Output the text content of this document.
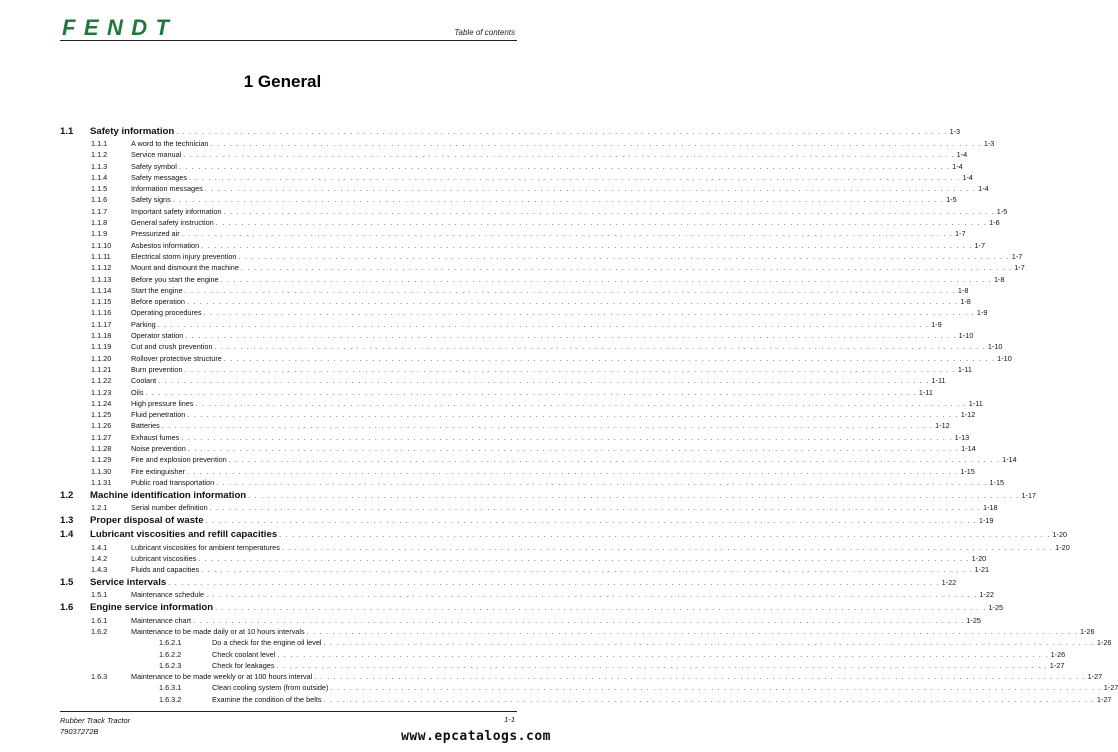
FENDT	Table of contents
1 General
1.1 Safety information . . . . . . . . . . . . . . . . . . . . . . . . . . . . . . . . . . . . . . . . . . . . . . . . . . . . . . . . . . . . . . . . . . . . . . . . . . . . . . . . . . . . . . . . . . . . . . . . . . . . . . . . . . . . . . . . . . . . . . . . 1-3
1.1.1	A word to the technician . . . . . . . . . . . . . . . . . . . . . . . . . . . . . . . . . . . . . . . . . . . . . . . . . . . . . . . . . . . . . . . . . . . . . . . . . . . . . . . . . . . . . . . . . . . . . . . . . . . . . . . . . . . . . . . . . . . . . . . . 1-3
1.1.2	Service manual . . . . . . . . . . . . . . . . . . . . . . . . . . . . . . . . . . . . . . . . . . . . . . . . . . . . . . . . . . . . . . . . . . . . . . . . . . . . . . . . . . . . . . . . . . . . . . . . . . . . . . . . . . . . . . . . . . . . . . . . 1-4
1.1.3	Safety symbol . . . . . . . . . . . . . . . . . . . . . . . . . . . . . . . . . . . . . . . . . . . . . . . . . . . . . . . . . . . . . . . . . . . . . . . . . . . . . . . . . . . . . . . . . . . . . . . . . . . . . . . . . . . . . . . . . . . . . . . . 1-4
1.1.4	Safety messages . . . . . . . . . . . . . . . . . . . . . . . . . . . . . . . . . . . . . . . . . . . . . . . . . . . . . . . . . . . . . . . . . . . . . . . . . . . . . . . . . . . . . . . . . . . . . . . . . . . . . . . . . . . . . . . . . . . . . . . . 1-4
1.1.5	Information messages . . . . . . . . . . . . . . . . . . . . . . . . . . . . . . . . . . . . . . . . . . . . . . . . . . . . . . . . . . . . . . . . . . . . . . . . . . . . . . . . . . . . . . . . . . . . . . . . . . . . . . . . . . . . . . . . . . . . . . . . 1-4
1.1.6	Safety signs . . . . . . . . . . . . . . . . . . . . . . . . . . . . . . . . . . . . . . . . . . . . . . . . . . . . . . . . . . . . . . . . . . . . . . . . . . . . . . . . . . . . . . . . . . . . . . . . . . . . . . . . . . . . . . . . . . . . . . . . 1-5
1.1.7	Important safety information . . . . . . . . . . . . . . . . . . . . . . . . . . . . . . . . . . . . . . . . . . . . . . . . . . . . . . . . . . . . . . . . . . . . . . . . . . . . . . . . . . . . . . . . . . . . . . . . . . . . . . . . . . . . . . . . . . . . . . . . 1-5
1.1.8	General safety instruction . . . . . . . . . . . . . . . . . . . . . . . . . . . . . . . . . . . . . . . . . . . . . . . . . . . . . . . . . . . . . . . . . . . . . . . . . . . . . . . . . . . . . . . . . . . . . . . . . . . . . . . . . . . . . . . . . . . . . . . . 1-6
1.1.9	Pressurized air . . . . . . . . . . . . . . . . . . . . . . . . . . . . . . . . . . . . . . . . . . . . . . . . . . . . . . . . . . . . . . . . . . . . . . . . . . . . . . . . . . . . . . . . . . . . . . . . . . . . . . . . . . . . . . . . . . . . . . . . 1-7
1.1.10	Asbestos information . . . . . . . . . . . . . . . . . . . . . . . . . . . . . . . . . . . . . . . . . . . . . . . . . . . . . . . . . . . . . . . . . . . . . . . . . . . . . . . . . . . . . . . . . . . . . . . . . . . . . . . . . . . . . . . . . . . . . . . . 1-7
1.1.11	Electrical storm injury prevention . . . . . . . . . . . . . . . . . . . . . . . . . . . . . . . . . . . . . . . . . . . . . . . . . . . . . . . . . . . . . . . . . . . . . . . . . . . . . . . . . . . . . . . . . . . . . . . . . . . . . . . . . . . . . . . . . . . . . . . . 1-7
1.1.12	Mount and dismount the machine . . . . . . . . . . . . . . . . . . . . . . . . . . . . . . . . . . . . . . . . . . . . . . . . . . . . . . . . . . . . . . . . . . . . . . . . . . . . . . . . . . . . . . . . . . . . . . . . . . . . . . . . . . . . . . . . . . . . . . . . 1-7
1.1.13	Before you start the engine . . . . . . . . . . . . . . . . . . . . . . . . . . . . . . . . . . . . . . . . . . . . . . . . . . . . . . . . . . . . . . . . . . . . . . . . . . . . . . . . . . . . . . . . . . . . . . . . . . . . . . . . . . . . . . . . . . . . . . . . 1-8
1.1.14	Start the engine . . . . . . . . . . . . . . . . . . . . . . . . . . . . . . . . . . . . . . . . . . . . . . . . . . . . . . . . . . . . . . . . . . . . . . . . . . . . . . . . . . . . . . . . . . . . . . . . . . . . . . . . . . . . . . . . . . . . . . . . 1-8
1.1.15	Before operation . . . . . . . . . . . . . . . . . . . . . . . . . . . . . . . . . . . . . . . . . . . . . . . . . . . . . . . . . . . . . . . . . . . . . . . . . . . . . . . . . . . . . . . . . . . . . . . . . . . . . . . . . . . . . . . . . . . . . . . . 1-8
1.1.16	Operating procedures . . . . . . . . . . . . . . . . . . . . . . . . . . . . . . . . . . . . . . . . . . . . . . . . . . . . . . . . . . . . . . . . . . . . . . . . . . . . . . . . . . . . . . . . . . . . . . . . . . . . . . . . . . . . . . . . . . . . . . . . 1-9
1.1.17	Parking . . . . . . . . . . . . . . . . . . . . . . . . . . . . . . . . . . . . . . . . . . . . . . . . . . . . . . . . . . . . . . . . . . . . . . . . . . . . . . . . . . . . . . . . . . . . . . . . . . . . . . . . . . . . . . . . . . . . . . . . 1-9
1.1.18	Operator station . . . . . . . . . . . . . . . . . . . . . . . . . . . . . . . . . . . . . . . . . . . . . . . . . . . . . . . . . . . . . . . . . . . . . . . . . . . . . . . . . . . . . . . . . . . . . . . . . . . . . . . . . . . . . . . . . . . . . . . . 1-10
1.1.19	Cut and crush prevention . . . . . . . . . . . . . . . . . . . . . . . . . . . . . . . . . . . . . . . . . . . . . . . . . . . . . . . . . . . . . . . . . . . . . . . . . . . . . . . . . . . . . . . . . . . . . . . . . . . . . . . . . . . . . . . . . . . . . . . . 1-10
1.1.20	Rollover protective structure . . . . . . . . . . . . . . . . . . . . . . . . . . . . . . . . . . . . . . . . . . . . . . . . . . . . . . . . . . . . . . . . . . . . . . . . . . . . . . . . . . . . . . . . . . . . . . . . . . . . . . . . . . . . . . . . . . . . . . . . 1-10
1.1.21	Burn prevention . . . . . . . . . . . . . . . . . . . . . . . . . . . . . . . . . . . . . . . . . . . . . . . . . . . . . . . . . . . . . . . . . . . . . . . . . . . . . . . . . . . . . . . . . . . . . . . . . . . . . . . . . . . . . . . . . . . . . . . . 1-11
1.1.22	Coolant . . . . . . . . . . . . . . . . . . . . . . . . . . . . . . . . . . . . . . . . . . . . . . . . . . . . . . . . . . . . . . . . . . . . . . . . . . . . . . . . . . . . . . . . . . . . . . . . . . . . . . . . . . . . . . . . . . . . . . . . 1-11
1.1.23	Oils . . . . . . . . . . . . . . . . . . . . . . . . . . . . . . . . . . . . . . . . . . . . . . . . . . . . . . . . . . . . . . . . . . . . . . . . . . . . . . . . . . . . . . . . . . . . . . . . . . . . . . . . . . . . . . . . . . . . . . . . 1-11
1.1.24	High pressure lines . . . . . . . . . . . . . . . . . . . . . . . . . . . . . . . . . . . . . . . . . . . . . . . . . . . . . . . . . . . . . . . . . . . . . . . . . . . . . . . . . . . . . . . . . . . . . . . . . . . . . . . . . . . . . . . . . . . . . . . . 1-11
1.1.25	Fluid penetration . . . . . . . . . . . . . . . . . . . . . . . . . . . . . . . . . . . . . . . . . . . . . . . . . . . . . . . . . . . . . . . . . . . . . . . . . . . . . . . . . . . . . . . . . . . . . . . . . . . . . . . . . . . . . . . . . . . . . . . . 1-12
1.1.26	Batteries . . . . . . . . . . . . . . . . . . . . . . . . . . . . . . . . . . . . . . . . . . . . . . . . . . . . . . . . . . . . . . . . . . . . . . . . . . . . . . . . . . . . . . . . . . . . . . . . . . . . . . . . . . . . . . . . . . . . . . . . 1-12
1.1.27	Exhaust fumes . . . . . . . . . . . . . . . . . . . . . . . . . . . . . . . . . . . . . . . . . . . . . . . . . . . . . . . . . . . . . . . . . . . . . . . . . . . . . . . . . . . . . . . . . . . . . . . . . . . . . . . . . . . . . . . . . . . . . . . . 1-13
1.1.28	Noise prevention . . . . . . . . . . . . . . . . . . . . . . . . . . . . . . . . . . . . . . . . . . . . . . . . . . . . . . . . . . . . . . . . . . . . . . . . . . . . . . . . . . . . . . . . . . . . . . . . . . . . . . . . . . . . . . . . . . . . . . . . 1-14
1.1.29	Fire and explosion prevention . . . . . . . . . . . . . . . . . . . . . . . . . . . . . . . . . . . . . . . . . . . . . . . . . . . . . . . . . . . . . . . . . . . . . . . . . . . . . . . . . . . . . . . . . . . . . . . . . . . . . . . . . . . . . . . . . . . . . . . . 1-14
1.1.30	Fire extinguisher . . . . . . . . . . . . . . . . . . . . . . . . . . . . . . . . . . . . . . . . . . . . . . . . . . . . . . . . . . . . . . . . . . . . . . . . . . . . . . . . . . . . . . . . . . . . . . . . . . . . . . . . . . . . . . . . . . . . . . . . 1-15
1.1.31	Public road transportation . . . . . . . . . . . . . . . . . . . . . . . . . . . . . . . . . . . . . . . . . . . . . . . . . . . . . . . . . . . . . . . . . . . . . . . . . . . . . . . . . . . . . . . . . . . . . . . . . . . . . . . . . . . . . . . . . . . . . . . . 1-15
1.2 Machine identification information . . . . . . . . . . . . . . . . . . . . . . . . . . . . . . . . . . . . . . . . . . . . . . . . . . . . . . . . . . . . . . . . . . . . . . . . . . . . . . . . . . . . . . . . . . . . . . . . . . . . . . . . . . . . . . . . . . . . . . . . 1-17
1.2.1	Serial number definition . . . . . . . . . . . . . . . . . . . . . . . . . . . . . . . . . . . . . . . . . . . . . . . . . . . . . . . . . . . . . . . . . . . . . . . . . . . . . . . . . . . . . . . . . . . . . . . . . . . . . . . . . . . . . . . . . . . . . . . . 1-18
1.3 Proper disposal of waste . . . . . . . . . . . . . . . . . . . . . . . . . . . . . . . . . . . . . . . . . . . . . . . . . . . . . . . . . . . . . . . . . . . . . . . . . . . . . . . . . . . . . . . . . . . . . . . . . . . . . . . . . . . . . . . . . . . . . . . . 1-19
1.4 Lubricant viscosities and refill capacities . . . . . . . . . . . . . . . . . . . . . . . . . . . . . . . . . . . . . . . . . . . . . . . . . . . . . . . . . . . . . . . . . . . . . . . . . . . . . . . . . . . . . . . . . . . . . . . . . . . . . . . . . . . . . . . . . . . . . . . . 1-20
1.4.1	Lubricant viscosities for ambient temperatures . . . . . . . . . . . . . . . . . . . . . . . . . . . . . . . . . . . . . . . . . . . . . . . . . . . . . . . . . . . . . . . . . . . . . . . . . . . . . . . . . . . . . . . . . . . . . . . . . . . . . . . . . . . . . . . . . . . . . . . . 1-20
1.4.2	Lubricant viscosities . . . . . . . . . . . . . . . . . . . . . . . . . . . . . . . . . . . . . . . . . . . . . . . . . . . . . . . . . . . . . . . . . . . . . . . . . . . . . . . . . . . . . . . . . . . . . . . . . . . . . . . . . . . . . . . . . . . . . . . . 1-20
1.4.3	Fluids and capacities . . . . . . . . . . . . . . . . . . . . . . . . . . . . . . . . . . . . . . . . . . . . . . . . . . . . . . . . . . . . . . . . . . . . . . . . . . . . . . . . . . . . . . . . . . . . . . . . . . . . . . . . . . . . . . . . . . . . . . . . 1-21
1.5 Service intervals . . . . . . . . . . . . . . . . . . . . . . . . . . . . . . . . . . . . . . . . . . . . . . . . . . . . . . . . . . . . . . . . . . . . . . . . . . . . . . . . . . . . . . . . . . . . . . . . . . . . . . . . . . . . . . . . . . . . . . . . 1-22
1.5.1	Maintenance schedule . . . . . . . . . . . . . . . . . . . . . . . . . . . . . . . . . . . . . . . . . . . . . . . . . . . . . . . . . . . . . . . . . . . . . . . . . . . . . . . . . . . . . . . . . . . . . . . . . . . . . . . . . . . . . . . . . . . . . . . . 1-22
1.6 Engine service information . . . . . . . . . . . . . . . . . . . . . . . . . . . . . . . . . . . . . . . . . . . . . . . . . . . . . . . . . . . . . . . . . . . . . . . . . . . . . . . . . . . . . . . . . . . . . . . . . . . . . . . . . . . . . . . . . . . . . . . . 1-25
1.6.1	Maintenance chart . . . . . . . . . . . . . . . . . . . . . . . . . . . . . . . . . . . . . . . . . . . . . . . . . . . . . . . . . . . . . . . . . . . . . . . . . . . . . . . . . . . . . . . . . . . . . . . . . . . . . . . . . . . . . . . . . . . . . . . . 1-25
1.6.2	Maintenance to be made daily or at 10 hours intervals . . . . . . . . . . . . . . . . . . . . . . . . . . . . . . . . . . . . . . . . . . . . . . . . . . . . . . . . . . . . . . . . . . . . . . . . . . . . . . . . . . . . . . . . . . . . . . . . . . . . . . . . . . . . . . . . . . . . . . . . 1-26
1.6.2.1	Do a check for the engine oil level . . . . . . . . . . . . . . . . . . . . . . . . . . . . . . . . . . . . . . . . . . . . . . . . . . . . . . . . . . . . . . . . . . . . . . . . . . . . . . . . . . . . . . . . . . . . . . . . . . . . . . . . . . . . . . . . . . . . . . . . 1-26
1.6.2.2	Check coolant level . . . . . . . . . . . . . . . . . . . . . . . . . . . . . . . . . . . . . . . . . . . . . . . . . . . . . . . . . . . . . . . . . . . . . . . . . . . . . . . . . . . . . . . . . . . . . . . . . . . . . . . . . . . . . . . . . . . . . . . . 1-26
1.6.2.3	Check for leakages . . . . . . . . . . . . . . . . . . . . . . . . . . . . . . . . . . . . . . . . . . . . . . . . . . . . . . . . . . . . . . . . . . . . . . . . . . . . . . . . . . . . . . . . . . . . . . . . . . . . . . . . . . . . . . . . . . . . . . . . 1-27
1.6.3	Maintenance to be made weekly or at 100 hours interval . . . . . . . . . . . . . . . . . . . . . . . . . . . . . . . . . . . . . . . . . . . . . . . . . . . . . . . . . . . . . . . . . . . . . . . . . . . . . . . . . . . . . . . . . . . . . . . . . . . . . . . . . . . . . . . . . . . . . . . . 1-27
1.6.3.1	Clean cooling system (from outside) . . . . . . . . . . . . . . . . . . . . . . . . . . . . . . . . . . . . . . . . . . . . . . . . . . . . . . . . . . . . . . . . . . . . . . . . . . . . . . . . . . . . . . . . . . . . . . . . . . . . . . . . . . . . . . . . . . . . . . . . 1-27
1.6.3.2	Examine the condition of the belts . . . . . . . . . . . . . . . . . . . . . . . . . . . . . . . . . . . . . . . . . . . . . . . . . . . . . . . . . . . . . . . . . . . . . . . . . . . . . . . . . . . . . . . . . . . . . . . . . . . . . . . . . . . . . . . . . . . . . . . . 1-27
Rubber Track Tractor
79037272B
1-1
www.epcatalogs.com
